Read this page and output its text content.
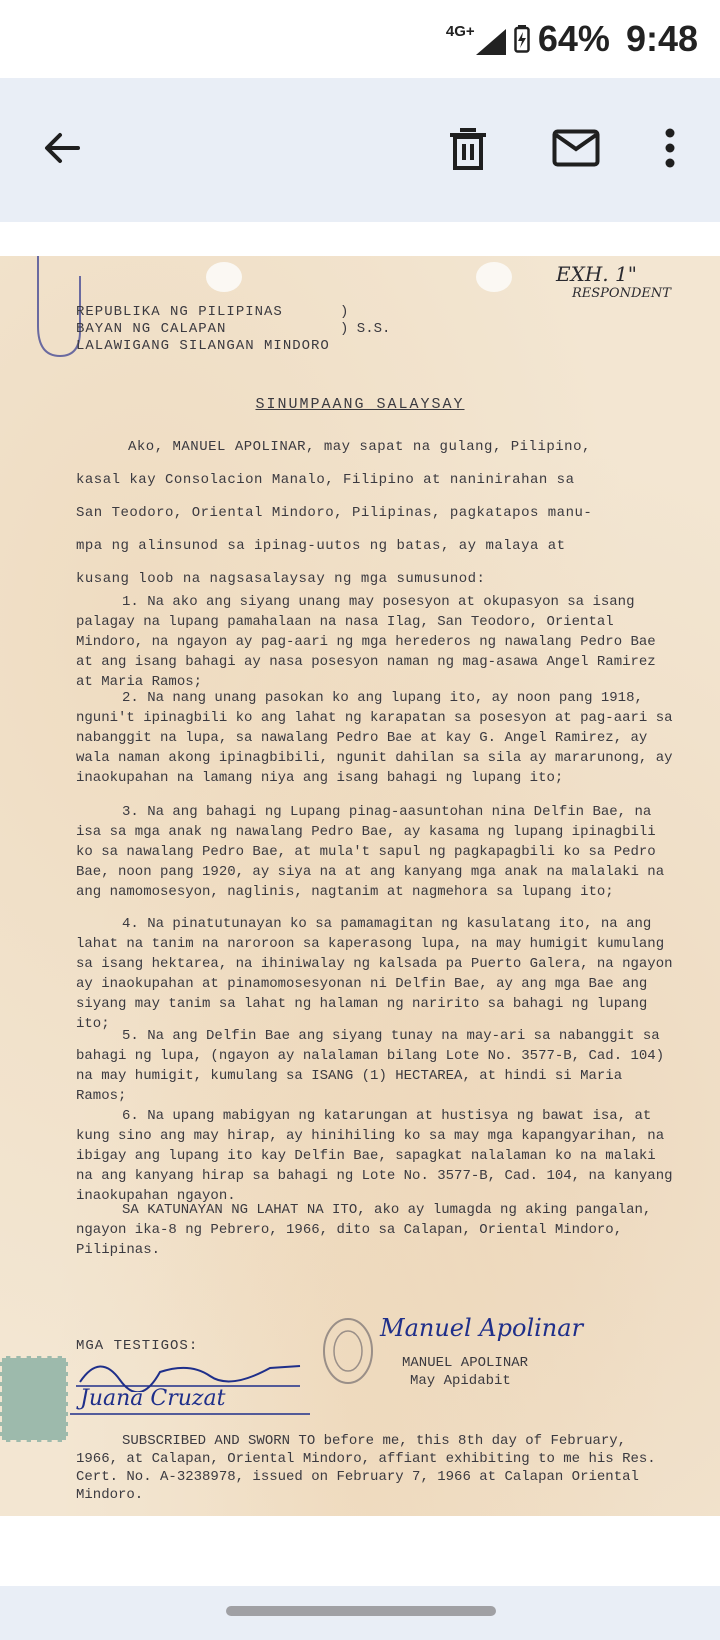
4G+ 64% 9:48
EXH. 1"
RESPONDENT
REPUBLIKA NG PILIPINAS
BAYAN NG CALAPAN
LALAWIGANG SILANGAN MINDORO
)
) S.S.
SINUMPAANG SALAYSAY
Ako, MANUEL APOLINAR, may sapat na gulang, Pilipino,
kasal kay Consolacion Manalo, Filipino at naninirahan sa
San Teodoro, Oriental Mindoro, Pilipinas, pagkatapos manu-
mpa ng alinsunod sa ipinag-uutos ng batas, ay malaya at
kusang loob na nagsasalaysay ng mga sumusunod:

1. Na ako ang siyang unang may posesyon at okupasyon sa isang palagay na lupang pamahalaan na nasa Ilag, San Teodoro, Oriental Mindoro, na ngayon ay pag-aari ng mga herederos ng nawalang Pedro Bae at ang isang bahagi ay nasa posesyon naman ng mag-asawa Angel Ramirez at Maria Ramos;

2. Na nang unang pasokan ko ang lupang ito, ay noon pang 1918, nguni't ipinagbili ko ang lahat ng karapatan sa posesyon at pag-aari sa nabanggit na lupa, sa nawalang Pedro Bae at kay G. Angel Ramirez, ay wala naman akong ipinagbibili, ngunit dahilan sa sila ay mararunong, ay inaokupahan na lamang niya ang isang bahagi ng lupang ito;

3. Na ang bahagi ng Lupang pinag-aasuntohan nina Delfin Bae, na isa sa mga anak ng nawalang Pedro Bae, ay kasama ng lupang ipinagbili ko sa nawalang Pedro Bae, at mula't sapul ng pagkapagbili ko sa Pedro Bae, noon pang 1920, ay siya na at ang kanyang mga anak na malalaki na ang namomosesyon, naglinis, nagtanim at nagmehora sa lupang ito;

4. Na pinatutunayan ko sa pamamagitan ng kasulatang ito, na ang lahat na tanim na naroroon sa kaperasong lupa, na may humigit kumulang sa isang hektarea, na ihiniwalay ng kalsada pa Puerto Galera, na ngayon ay inaokupahan at pinamomosesyonan ni Delfin Bae, ay ang mga Bae ang siyang may tanim sa lahat ng halaman ng naririto sa bahagi ng lupang ito;

5. Na ang Delfin Bae ang siyang tunay na may-ari sa nabanggit sa bahagi ng lupa, (ngayon ay nalalaman bilang Lote No. 3577-B, Cad. 104) na may humigit, kumulang sa ISANG (1) HECTAREA, at hindi si Maria Ramos;

6. Na upang mabigyan ng katarungan at hustisya ng bawat isa, at kung sino ang may hirap, ay hinihiling ko sa may mga kapangyarihan, na ibigay ang lupang ito kay Delfin Bae, sapagkat nalalaman ko na malaki na ang kanyang hirap sa bahagi ng Lote No. 3577-B, Cad. 104, na kanyang inaokupahan ngayon.

SA KATUNAYAN NG LAHAT NA ITO, ako ay lumagda ng aking pangalan, ngayon ika-8 ng Pebrero, 1966, dito sa Calapan, Oriental Mindoro, Pilipinas.

MGA TESTIGOS:
Juana Cruzat
Manuel Apolinar
MANUEL APOLINAR
May Apidabit

SUBSCRIBED AND SWORN TO before me, this 8th day of February, 1966, at Calapan, Oriental Mindoro, affiant exhibiting to me his Res. Cert. No. A-3238978, issued on February 7, 1966 at Calapan Oriental Mindoro.
